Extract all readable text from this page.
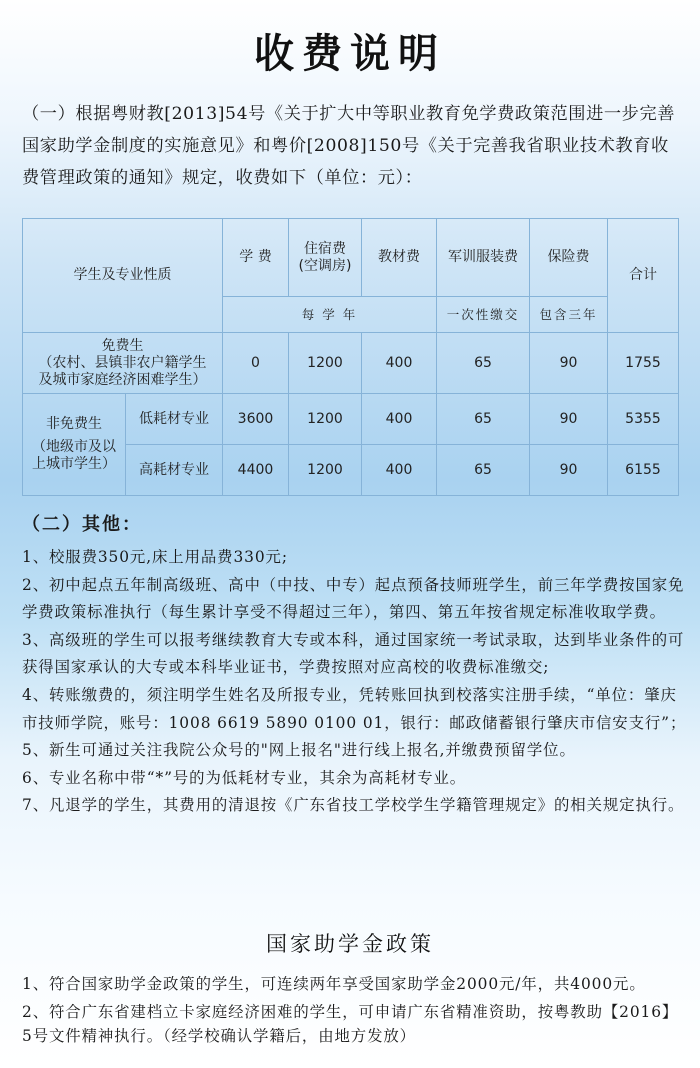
收费说明
（一）根据粤财教[2013]54号《关于扩大中等职业教育免学费政策范围进一步完善国家助学金制度的实施意见》和粤价[2008]150号《关于完善我省职业技术教育收费管理政策的通知》规定，收费如下（单位：元）：
学生及专业性质		学 费	住宿费
(空调房)	教材费	军训服装费	保险费	合计
		每 学 年			一次性缴交	包含三年	

免费生
（农村、县镇非农户籍学生
及城市家庭经济困难学生）		0	1200	400	65	90	1755

非免费生
（地级市及以
上城市学生）	低耗材专业	3600	1200	400	65	90	5355
	高耗材专业	4400	1200	400	65	90	6155
（二）其他：
1、校服费350元,床上用品费330元;
2、初中起点五年制高级班、高中（中技、中专）起点预备技师班学生，前三年学费按国家免学费政策标准执行（每生累计享受不得超过三年），第四、第五年按省规定标准收取学费。
3、高级班的学生可以报考继续教育大专或本科，通过国家统一考试录取，达到毕业条件的可获得国家承认的大专或本科毕业证书，学费按照对应高校的收费标准缴交;
4、转账缴费的，须注明学生姓名及所报专业，凭转账回执到校落实注册手续，“单位：肇庆市技师学院，账号：1008 6619 5890 0100 01，银行：邮政储蓄银行肇庆市信安支行”；
5、新生可通过关注我院公众号的"网上报名"进行线上报名,并缴费预留学位。
6、专业名称中带“*”号的为低耗材专业，其余为高耗材专业。
7、凡退学的学生，其费用的清退按《广东省技工学校学生学籍管理规定》的相关规定执行。
国家助学金政策
1、符合国家助学金政策的学生，可连续两年享受国家助学金2000元/年，共4000元。
2、符合广东省建档立卡家庭经济困难的学生，可申请广东省精准资助，按粤教助【2016】5号文件精神执行。（经学校确认学籍后，由地方发放）
